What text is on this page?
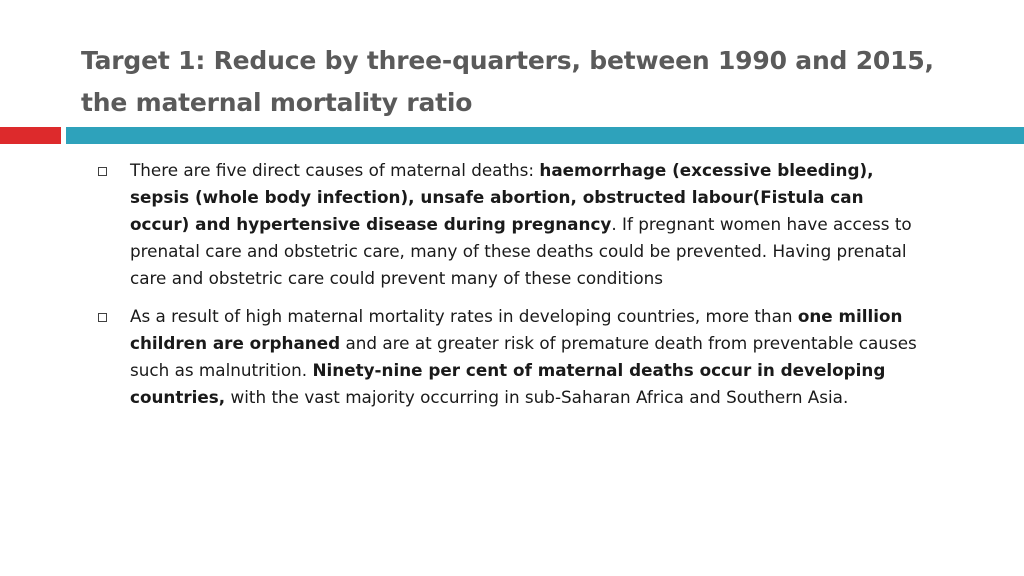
Target 1: Reduce by three-quarters, between 1990 and 2015,
the maternal mortality ratio
There are five direct causes of maternal deaths: haemorrhage (excessive bleeding), sepsis (whole body infection), unsafe abortion, obstructed labour(Fistula can occur) and hypertensive disease during pregnancy. If pregnant women have access to prenatal care and obstetric care, many of these deaths could be prevented. Having prenatal care and obstetric care could prevent many of these conditions
As a result of high maternal mortality rates in developing countries, more than one million children are orphaned and are at greater risk of premature death from preventable causes such as malnutrition. Ninety-nine per cent of maternal deaths occur in developing countries, with the vast majority occurring in sub-Saharan Africa and Southern Asia.
